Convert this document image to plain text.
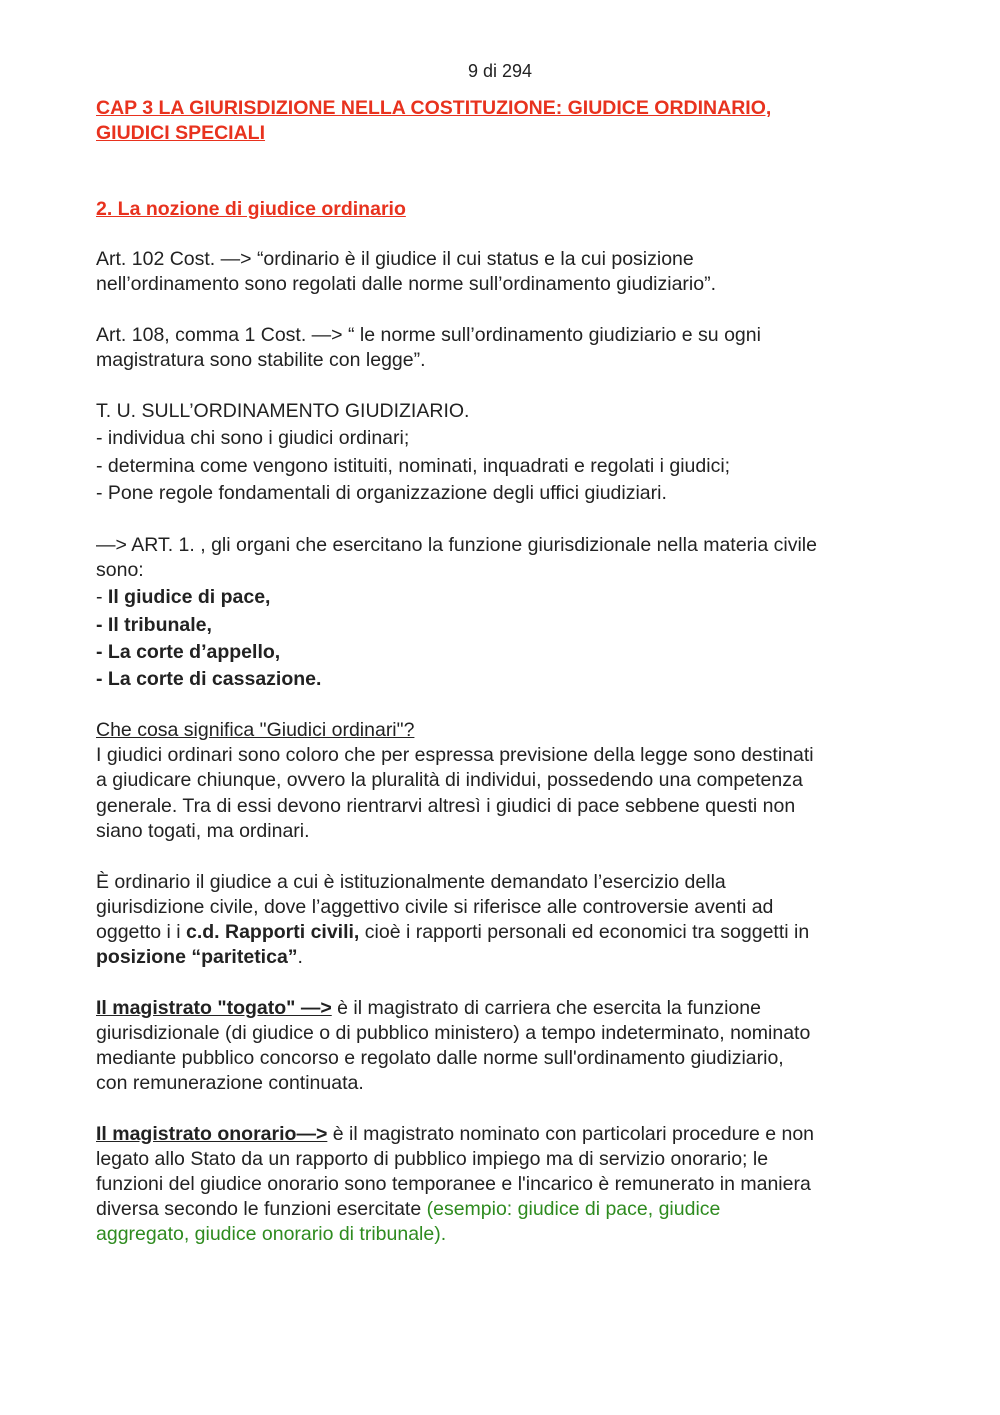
9 di 294
CAP 3 LA GIURISDIZIONE NELLA COSTITUZIONE: GIUDICE ORDINARIO,
GIUDICI SPECIALI
2. La nozione di giudice ordinario
Art. 102 Cost. —> “ordinario è il giudice il cui status e la cui posizione
nell’ordinamento sono regolati dalle norme sull’ordinamento giudiziario”.
Art. 108, comma 1 Cost. —> “ le norme sull’ordinamento giudiziario e su ogni
magistratura sono stabilite con legge”.
T. U. SULL’ORDINAMENTO GIUDIZIARIO.
- individua chi sono i giudici ordinari;
- determina come vengono istituiti, nominati, inquadrati e regolati i giudici;
- Pone regole fondamentali di organizzazione degli uffici giudiziari.
—> ART. 1. , gli organi che esercitano la funzione giurisdizionale nella materia civile
sono:
- Il giudice di pace,
- Il tribunale,
- La corte d’appello,
- La corte di cassazione.
Che cosa significa "Giudici ordinari"?
I giudici ordinari sono coloro che per espressa previsione della legge sono destinati
a giudicare chiunque, ovvero la pluralità di individui, possedendo una competenza
generale. Tra di essi devono rientrarvi altresì i giudici di pace sebbene questi non
siano togati, ma ordinari.
È ordinario il giudice a cui è istituzionalmente demandato l’esercizio della
giurisdizione civile, dove l’aggettivo civile si riferisce alle controversie aventi ad
oggetto i i c.d. Rapporti civili, cioè i rapporti personali ed economici tra soggetti in
posizione “paritetica”.
Il magistrato "togato" —> è il magistrato di carriera che esercita la funzione
giurisdizionale (di giudice o di pubblico ministero) a tempo indeterminato, nominato
mediante pubblico concorso e regolato dalle norme sull'ordinamento giudiziario,
con remunerazione continuata.
Il magistrato onorario—> è il magistrato nominato con particolari procedure e non
legato allo Stato da un rapporto di pubblico impiego ma di servizio onorario; le
funzioni del giudice onorario sono temporanee e l'incarico è remunerato in maniera
diversa secondo le funzioni esercitate (esempio: giudice di pace, giudice
aggregato, giudice onorario di tribunale).
